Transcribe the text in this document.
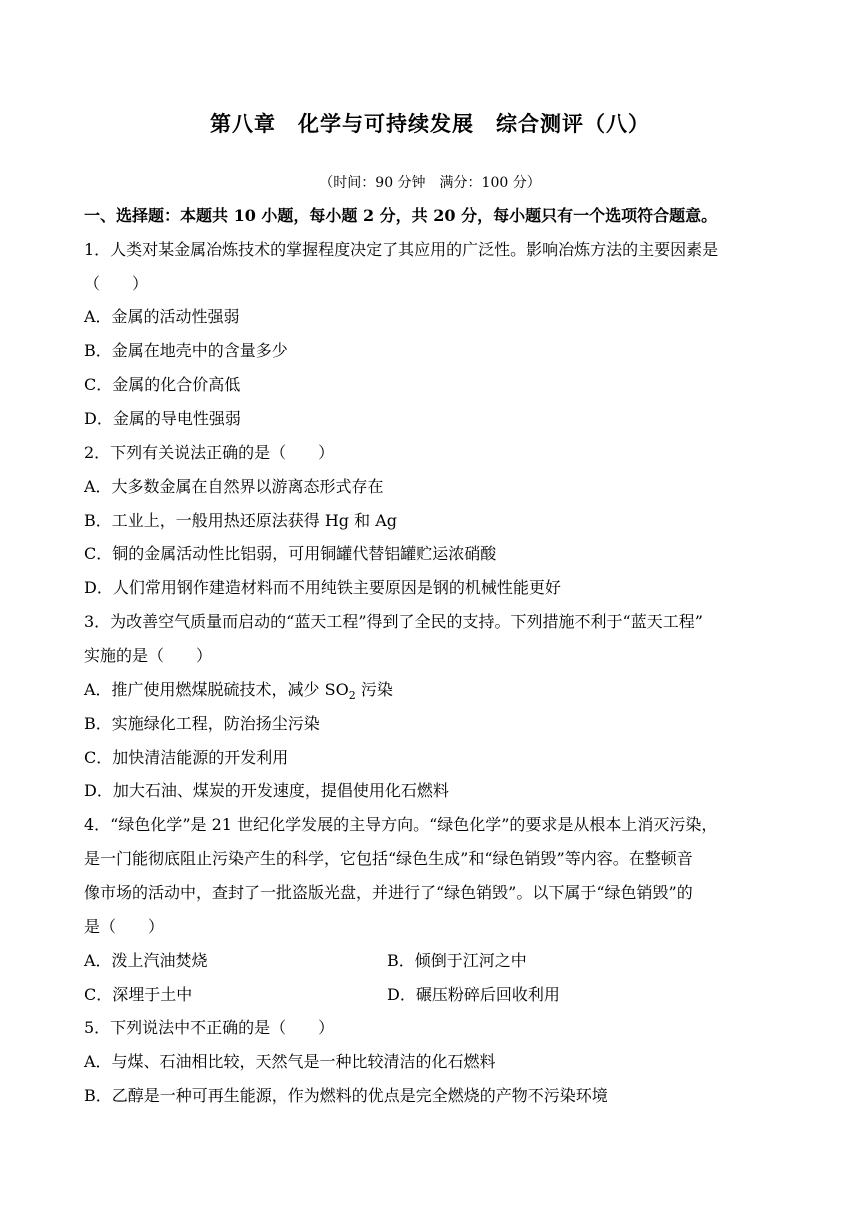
第八章　化学与可持续发展　综合测评（八）
（时间：90 分钟　满分：100 分）
一、选择题：本题共 10 小题，每小题 2 分，共 20 分，每小题只有一个选项符合题意。
1．人类对某金属冶炼技术的掌握程度决定了其应用的广泛性。影响冶炼方法的主要因素是
（　　）
A．金属的活动性强弱
B．金属在地壳中的含量多少
C．金属的化合价高低
D．金属的导电性强弱
2．下列有关说法正确的是（　　）
A．大多数金属在自然界以游离态形式存在
B．工业上，一般用热还原法获得 Hg 和 Ag
C．铜的金属活动性比铝弱，可用铜罐代替铝罐贮运浓硝酸
D．人们常用钢作建造材料而不用纯铁主要原因是钢的机械性能更好
3．为改善空气质量而启动的“蓝天工程”得到了全民的支持。下列措施不利于“蓝天工程”
实施的是（　　）
A．推广使用燃煤脱硫技术，减少 $SO_2$ 污染
B．实施绿化工程，防治扬尘污染
C．加快清洁能源的开发利用
D．加大石油、煤炭的开发速度，提倡使用化石燃料
4．“绿色化学”是 21 世纪化学发展的主导方向。“绿色化学”的要求是从根本上消灭污染，
是一门能彻底阻止污染产生的科学，它包括“绿色生成”和“绿色销毁”等内容。在整顿音
像市场的活动中，查封了一批盗版光盘，并进行了“绿色销毁”。以下属于“绿色销毁”的
是（　　）
A．泼上汽油焚烧	B．倾倒于江河之中
C．深埋于土中	D．碾压粉碎后回收利用
5．下列说法中不正确的是（　　）
A．与煤、石油相比较，天然气是一种比较清洁的化石燃料
B．乙醇是一种可再生能源，作为燃料的优点是完全燃烧的产物不污染环境
